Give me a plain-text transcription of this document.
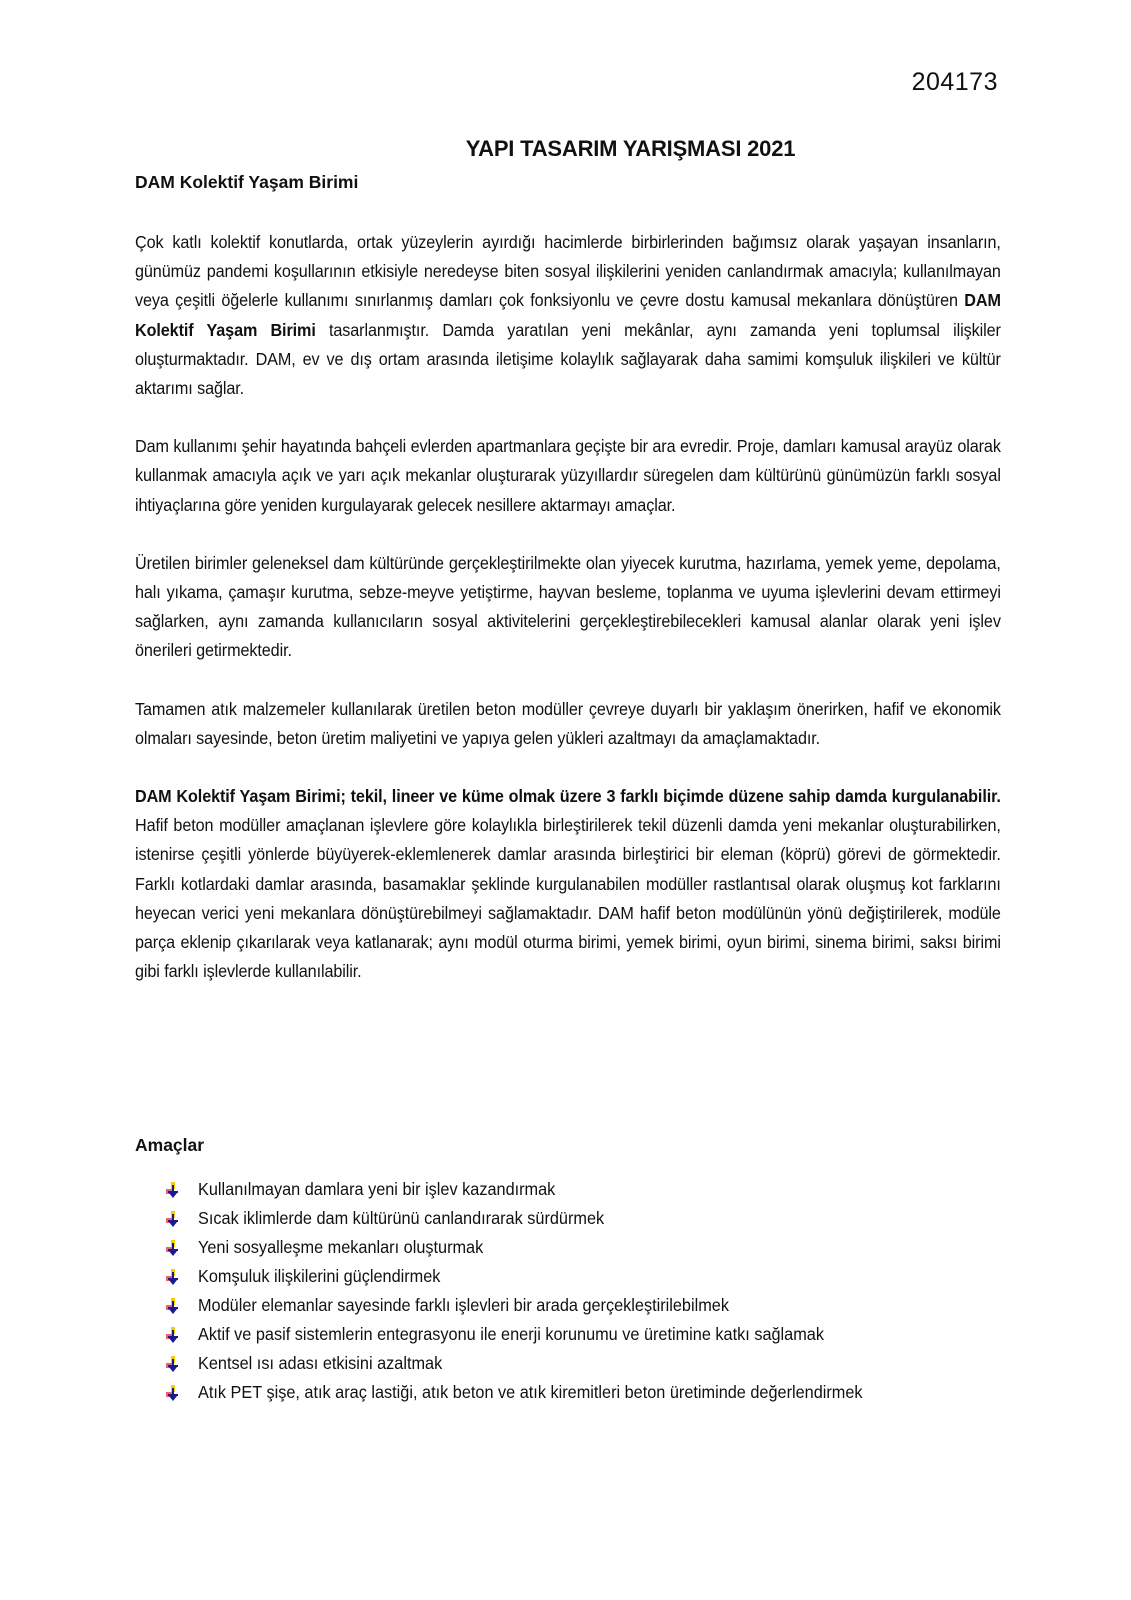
204173
YAPI TASARIM YARIŞMASI 2021
DAM Kolektif Yaşam Birimi

Çok katlı kolektif konutlarda, ortak yüzeylerin ayırdığı hacimlerde birbirlerinden bağımsız olarak yaşayan insanların, günümüz pandemi koşullarının etkisiyle neredeyse biten sosyal ilişkilerini yeniden canlandırmak amacıyla; kullanılmayan veya çeşitli öğelerle kullanımı sınırlanmış damları çok fonksiyonlu ve çevre dostu kamusal mekanlara dönüştüren DAM Kolektif Yaşam Birimi tasarlanmıştır. Damda yaratılan yeni mekânlar, aynı zamanda yeni toplumsal ilişkiler oluşturmaktadır. DAM, ev ve dış ortam arasında iletişime kolaylık sağlayarak daha samimi komşuluk ilişkileri ve kültür aktarımı sağlar.

Dam kullanımı şehir hayatında bahçeli evlerden apartmanlara geçişte bir ara evredir. Proje, damları kamusal arayüz olarak kullanmak amacıyla açık ve yarı açık mekanlar oluşturarak yüzyıllardır süregelen dam kültürünü günümüzün farklı sosyal ihtiyaçlarına göre yeniden kurgulayarak gelecek nesillere aktarmayı amaçlar.

Üretilen birimler geleneksel dam kültüründe gerçekleştirilmekte olan yiyecek kurutma, hazırlama, yemek yeme, depolama, halı yıkama, çamaşır kurutma, sebze-meyve yetiştirme, hayvan besleme, toplanma ve uyuma işlevlerini devam ettirmeyi sağlarken, aynı zamanda kullanıcıların sosyal aktivitelerini gerçekleştirebilecekleri kamusal alanlar olarak yeni işlev önerileri getirmektedir.

Tamamen atık malzemeler kullanılarak üretilen beton modüller çevreye duyarlı bir yaklaşım önerirken, hafif ve ekonomik olmaları sayesinde, beton üretim maliyetini ve yapıya gelen yükleri azaltmayı da amaçlamaktadır.

DAM Kolektif Yaşam Birimi; tekil, lineer ve küme olmak üzere 3 farklı biçimde düzene sahip damda kurgulanabilir. Hafif beton modüller amaçlanan işlevlere göre kolaylıkla birleştirilerek tekil düzenli damda yeni mekanlar oluşturabilirken, istenirse çeşitli yönlerde büyüyerek-eklemlenerek damlar arasında birleştirici bir eleman (köprü) görevi de görmektedir. Farklı kotlardaki damlar arasında, basamaklar şeklinde kurgulanabilen modüller rastlantısal olarak oluşmuş kot farklarını heyecan verici yeni mekanlara dönüştürebilmeyi sağlamaktadır. DAM hafif beton modülünün yönü değiştirilerek, modüle parça eklenip çıkarılarak veya katlanarak; aynı modül oturma birimi, yemek birimi, oyun birimi, sinema birimi, saksı birimi gibi farklı işlevlerde kullanılabilir.

Amaçlar
Kullanılmayan damlara yeni bir işlev kazandırmak
Sıcak iklimlerde dam kültürünü canlandırarak sürdürmek
Yeni sosyalleşme mekanları oluşturmak
Komşuluk ilişkilerini güçlendirmek
Modüler elemanlar sayesinde farklı işlevleri bir arada gerçekleştirilebilmek
Aktif ve pasif sistemlerin entegrasyonu ile enerji korunumu ve üretimine katkı sağlamak
Kentsel ısı adası etkisini azaltmak
Atık PET şişe, atık araç lastiği, atık beton ve atık kiremitleri beton üretiminde değerlendirmek
